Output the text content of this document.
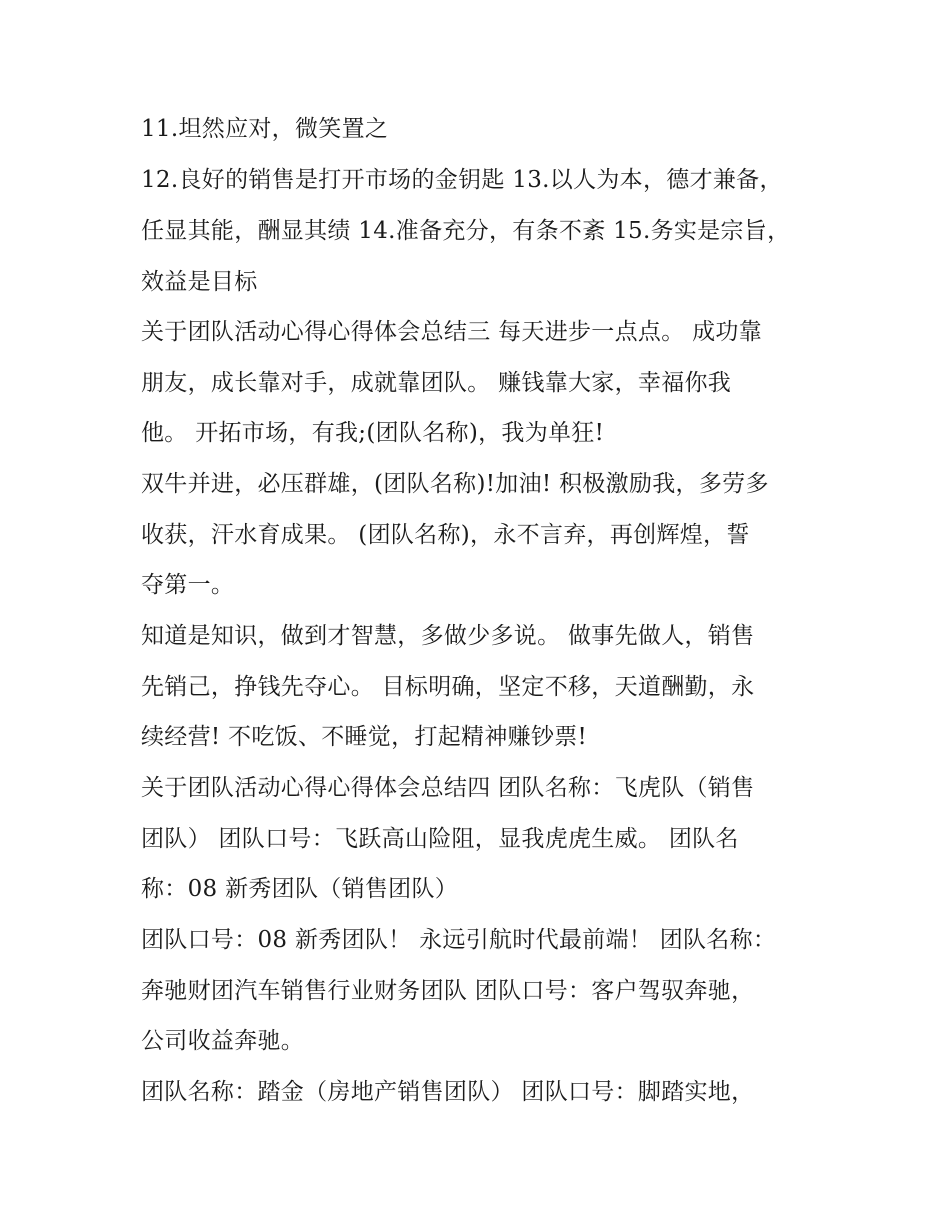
11.坦然应对，微笑置之
12.良好的销售是打开市场的金钥匙 13.以人为本，德才兼备，
任显其能，酬显其绩 14.准备充分，有条不紊 15.务实是宗旨，
效益是目标
关于团队活动心得心得体会总结三 每天进步一点点。 成功靠
朋友，成长靠对手，成就靠团队。 赚钱靠大家，幸福你我
他。 开拓市场，有我;(团队名称)，我为单狂!
双牛并进，必压群雄，(团队名称)!加油! 积极激励我，多劳多
收获，汗水育成果。 (团队名称)，永不言弃，再创辉煌，誓
夺第一。
知道是知识，做到才智慧，多做少多说。 做事先做人，销售
先销己，挣钱先夺心。 目标明确，坚定不移，天道酬勤，永
续经营! 不吃饭、不睡觉，打起精神赚钞票!
关于团队活动心得心得体会总结四 团队名称：飞虎队（销售
团队） 团队口号：飞跃高山险阻，显我虎虎生威。 团队名
称：08 新秀团队（销售团队）
团队口号：08 新秀团队！ 永远引航时代最前端！ 团队名称：
奔驰财团汽车销售行业财务团队 团队口号：客户驾驭奔驰，
公司收益奔驰。
团队名称：踏金（房地产销售团队） 团队口号：脚踏实地，
